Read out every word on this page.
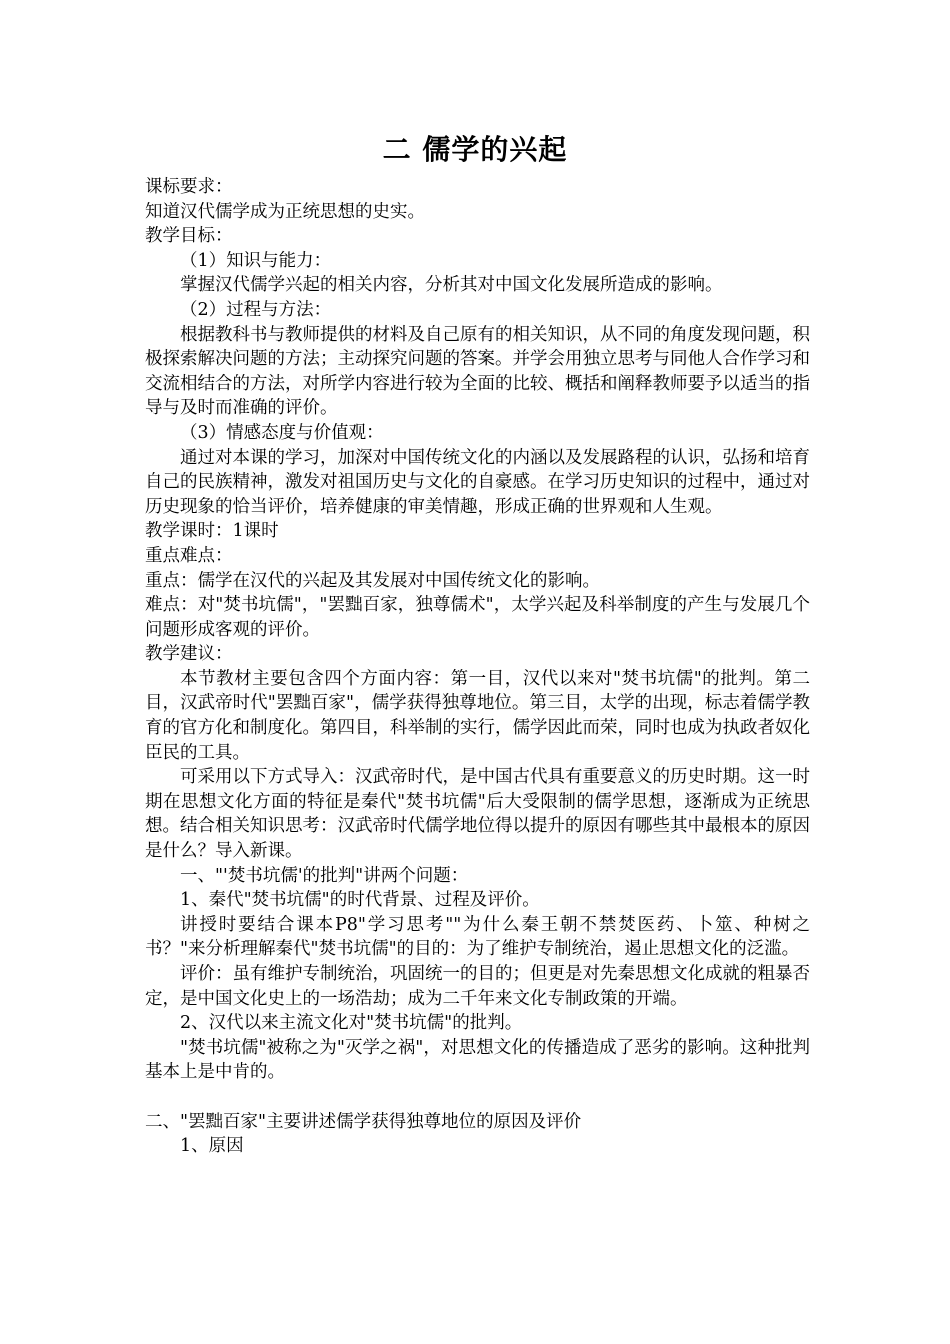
二 儒学的兴起

课标要求：

知道汉代儒学成为正统思想的史实。

教学目标：

（1）知识与能力：

掌握汉代儒学兴起的相关内容，分析其对中国文化发展所造成的影响。

（2）过程与方法：

根据教科书与教师提供的材料及自己原有的相关知识，从不同的角度发现问题，积极探索解决问题的方法；主动探究问题的答案。并学会用独立思考与同他人合作学习和交流相结合的方法，对所学内容进行较为全面的比较、概括和阐释教师要予以适当的指导与及时而准确的评价。

（3）情感态度与价值观：

通过对本课的学习，加深对中国传统文化的内涵以及发展路程的认识，弘扬和培育自己的民族精神，激发对祖国历史与文化的自豪感。在学习历史知识的过程中，通过对历史现象的恰当评价，培养健康的审美情趣，形成正确的世界观和人生观。

教学课时：1课时

重点难点：

重点：儒学在汉代的兴起及其发展对中国传统文化的影响。

难点：对"焚书坑儒"，"罢黜百家，独尊儒术"，太学兴起及科举制度的产生与发展几个问题形成客观的评价。

教学建议：

本节教材主要包含四个方面内容：第一目，汉代以来对"焚书坑儒"的批判。第二目，汉武帝时代"罢黜百家"，儒学获得独尊地位。第三目，太学的出现，标志着儒学教育的官方化和制度化。第四目，科举制的实行，儒学因此而荣，同时也成为执政者奴化臣民的工具。

可采用以下方式导入：汉武帝时代，是中国古代具有重要意义的历史时期。这一时期在思想文化方面的特征是秦代"焚书坑儒"后大受限制的儒学思想，逐渐成为正统思想。结合相关知识思考：汉武帝时代儒学地位得以提升的原因有哪些其中最根本的原因是什么？导入新课。

一、"'焚书坑儒'的批判"讲两个问题：

1、秦代"焚书坑儒"的时代背景、过程及评价。

讲授时要结合课本P8"学习思考""为什么秦王朝不禁焚医药、卜筮、种树之书？"来分析理解秦代"焚书坑儒"的目的：为了维护专制统治，遏止思想文化的泛滥。

评价：虽有维护专制统治，巩固统一的目的；但更是对先秦思想文化成就的粗暴否定，是中国文化史上的一场浩劫；成为二千年来文化专制政策的开端。

2、汉代以来主流文化对"焚书坑儒"的批判。

"焚书坑儒"被称之为"灭学之祸"，对思想文化的传播造成了恶劣的影响。这种批判基本上是中肯的。

二、"罢黜百家"主要讲述儒学获得独尊地位的原因及评价

1、原因
